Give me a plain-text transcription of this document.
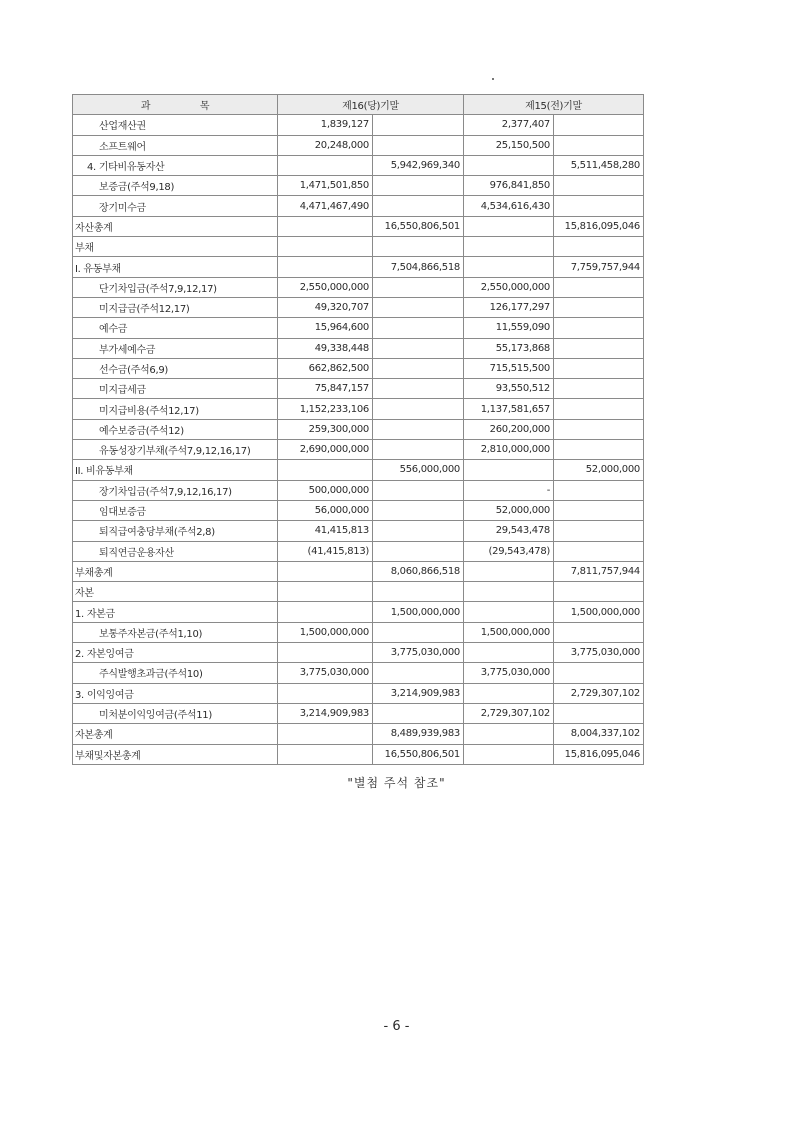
과 목	제16(당)기말		제15(전)기말	
산업재산권	1,839,127		2,377,407	
소프트웨어	20,248,000		25,150,500	
4. 기타비유동자산		5,942,969,340		5,511,458,280
보증금(주석9,18)	1,471,501,850		976,841,850	
장기미수금	4,471,467,490		4,534,616,430	
자산총계		16,550,806,501		15,816,095,046
부채				
I. 유동부채		7,504,866,518		7,759,757,944
단기차입금(주석7,9,12,17)	2,550,000,000		2,550,000,000	
미지급금(주석12,17)	49,320,707		126,177,297	
예수금	15,964,600		11,559,090	
부가세예수금	49,338,448		55,173,868	
선수금(주석6,9)	662,862,500		715,515,500	
미지급세금	75,847,157		93,550,512	
미지급비용(주석12,17)	1,152,233,106		1,137,581,657	
예수보증금(주석12)	259,300,000		260,200,000	
유동성장기부채(주석7,9,12,16,17)	2,690,000,000		2,810,000,000	
II. 비유동부채		556,000,000		52,000,000
장기차입금(주석7,9,12,16,17)	500,000,000		-	
임대보증금	56,000,000		52,000,000	
퇴직급여충당부채(주석2,8)	41,415,813		29,543,478	
퇴직연금운용자산	(41,415,813)		(29,543,478)	
부채총계		8,060,866,518		7,811,757,944
자본				
1. 자본금		1,500,000,000		1,500,000,000
보통주자본금(주석1,10)	1,500,000,000		1,500,000,000	
2. 자본잉여금		3,775,030,000		3,775,030,000
주식발행초과금(주석10)	3,775,030,000		3,775,030,000	
3. 이익잉여금		3,214,909,983		2,729,307,102
미처분이익잉여금(주석11)	3,214,909,983		2,729,307,102	
자본총계		8,489,939,983		8,004,337,102
부채및자본총계		16,550,806,501		15,816,095,046
"별첨 주석 참조"
- 6 -
